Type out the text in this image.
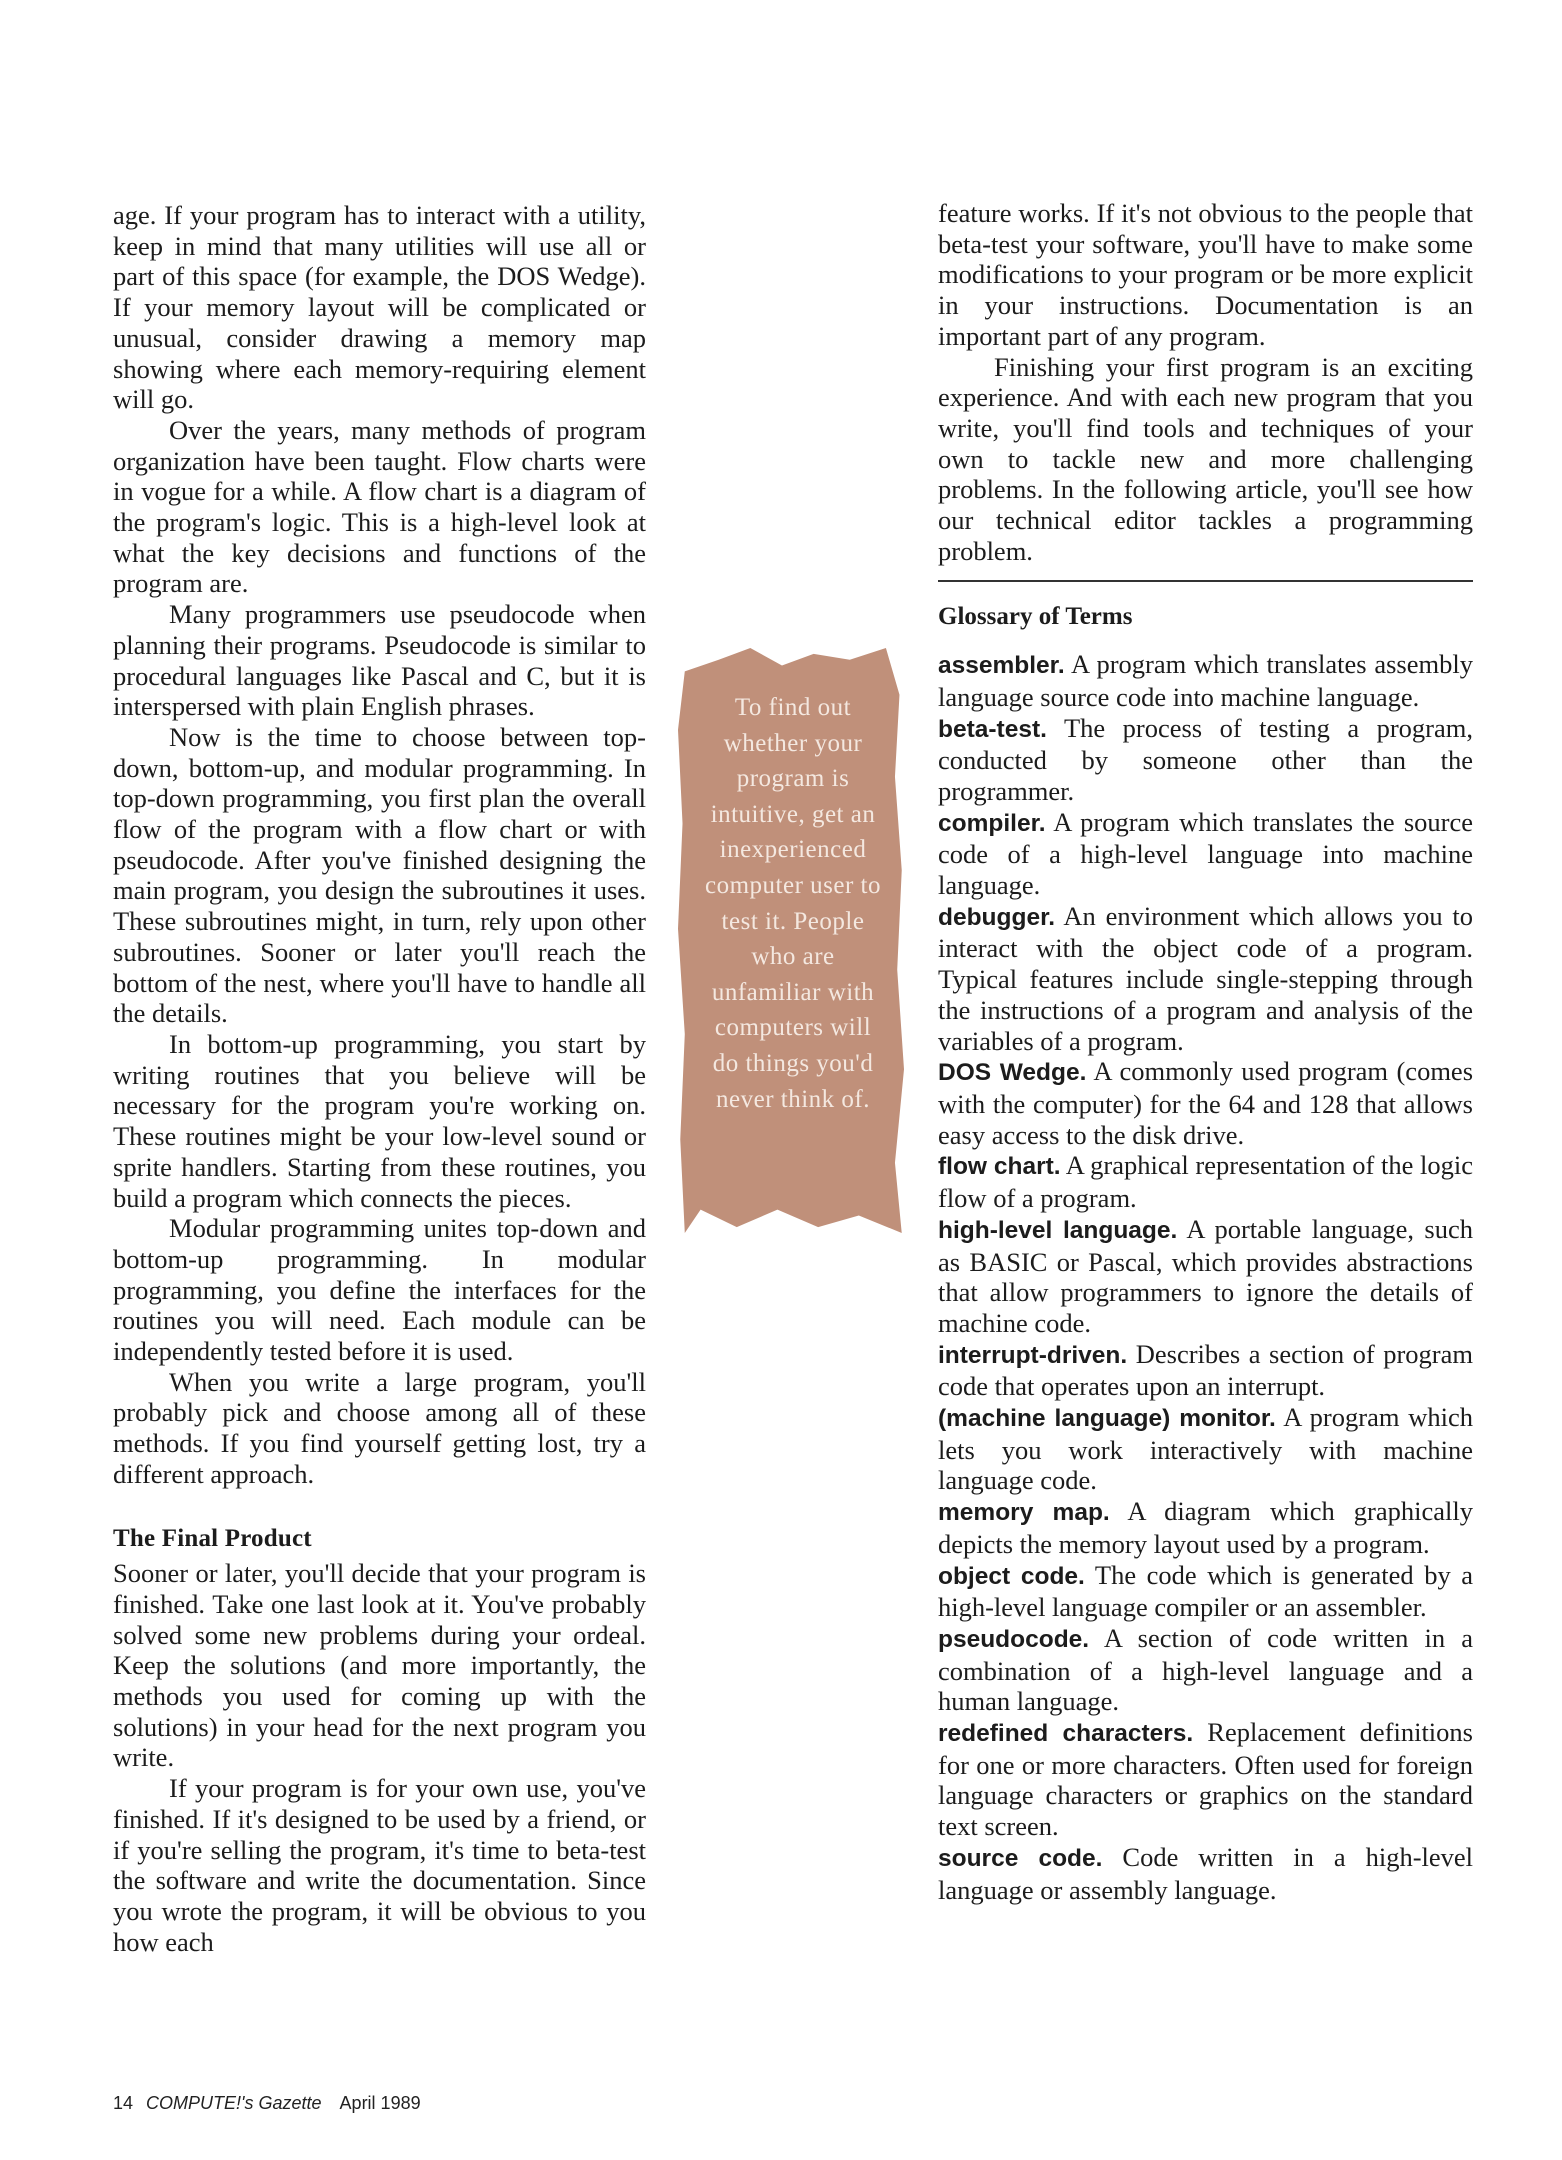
age. If your program has to interact with a utility, keep in mind that many utilities will use all or part of this space (for example, the DOS Wedge). If your memory layout will be complicated or unusual, consider drawing a memory map showing where each memory-requiring element will go.

Over the years, many methods of program organization have been taught. Flow charts were in vogue for a while. A flow chart is a diagram of the program's logic. This is a high-level look at what the key decisions and functions of the program are.

Many programmers use pseudocode when planning their programs. Pseudocode is similar to procedural languages like Pascal and C, but it is interspersed with plain English phrases.

Now is the time to choose between top-down, bottom-up, and modular programming. In top-down programming, you first plan the overall flow of the program with a flow chart or with pseudocode. After you've finished designing the main program, you design the subroutines it uses. These subroutines might, in turn, rely upon other subroutines. Sooner or later you'll reach the bottom of the nest, where you'll have to handle all the details.

In bottom-up programming, you start by writing routines that you believe will be necessary for the program you're working on. These routines might be your low-level sound or sprite handlers. Starting from these routines, you build a program which connects the pieces.

Modular programming unites top-down and bottom-up programming. In modular programming, you define the interfaces for the routines you will need. Each module can be independently tested before it is used.

When you write a large program, you'll probably pick and choose among all of these methods. If you find yourself getting lost, try a different approach.

The Final Product

Sooner or later, you'll decide that your program is finished. Take one last look at it. You've probably solved some new problems during your ordeal. Keep the solutions (and more importantly, the methods you used for coming up with the solutions) in your head for the next program you write.

If your program is for your own use, you've finished. If it's designed to be used by a friend, or if you're selling the program, it's time to beta-test the software and write the documentation. Since you wrote the program, it will be obvious to you how each

To find out
whether your
program is
intuitive, get an
inexperienced
computer user to
test it. People
who are
unfamiliar with
computers will
do things you'd
never think of.

feature works. If it's not obvious to the people that beta-test your software, you'll have to make some modifications to your program or be more explicit in your instructions. Documentation is an important part of any program.

Finishing your first program is an exciting experience. And with each new program that you write, you'll find tools and techniques of your own to tackle new and more challenging problems. In the following article, you'll see how our technical editor tackles a programming problem.

Glossary of Terms

assembler. A program which translates assembly language source code into machine language.

beta-test. The process of testing a program, conducted by someone other than the programmer.

compiler. A program which translates the source code of a high-level language into machine language.

debugger. An environment which allows you to interact with the object code of a program. Typical features include single-stepping through the instructions of a program and analysis of the variables of a program.

DOS Wedge. A commonly used program (comes with the computer) for the 64 and 128 that allows easy access to the disk drive.

flow chart. A graphical representation of the logic flow of a program.

high-level language. A portable language, such as BASIC or Pascal, which provides abstractions that allow programmers to ignore the details of machine code.

interrupt-driven. Describes a section of program code that operates upon an interrupt.

(machine language) monitor. A program which lets you work interactively with machine language code.

memory map. A diagram which graphically depicts the memory layout used by a program.

object code. The code which is generated by a high-level language compiler or an assembler.

pseudocode. A section of code written in a combination of a high-level language and a human language.

redefined characters. Replacement definitions for one or more characters. Often used for foreign language characters or graphics on the standard text screen.

source code. Code written in a high-level language or assembly language.

14 COMPUTE!'s Gazette April 1989
